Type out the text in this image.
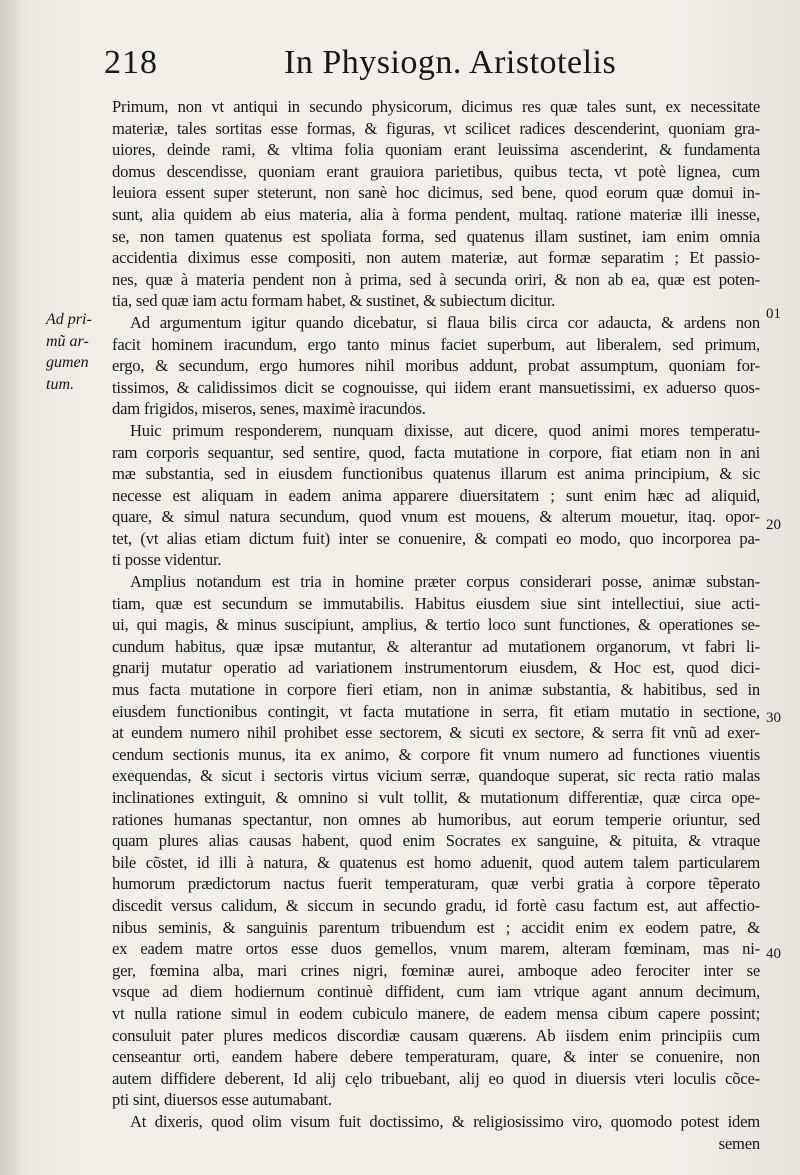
218	In Physiogn. Aristotelis
Ad pri-
mũ ar-
gumen
tum.
01
20
30
40
Primum, non vt antiqui in secundo physicorum, dicimus res quæ tales sunt, ex necessitate
materiæ, tales sortitas esse formas, & figuras, vt scilicet radices descenderint, quoniam gra-
uiores, deinde rami, & vltima folia quoniam erant leuissima ascenderint, & fundamenta
domus descendisse, quoniam erant grauiora parietibus, quibus tecta, vt potè lignea, cum
leuiora essent super steterunt, non sanè hoc dicimus, sed bene, quod eorum quæ domui in-
sunt, alia quidem ab eius materia, alia à forma pendent, multaq. ratione materiæ illi inesse,
se, non tamen quatenus est spoliata forma, sed quatenus illam sustinet, iam enim omnia
accidentia diximus esse compositi, non autem materiæ, aut formæ separatim ; Et passio-
nes, quæ à materia pendent non à prima, sed à secunda oriri, & non ab ea, quæ est poten-
tia, sed quæ iam actu formam habet, & sustinet, & subiectum dicitur.
Ad argumentum igitur quando dicebatur, si flaua bilis circa cor adaucta, & ardens non
facit hominem iracundum, ergo tanto minus faciet superbum, aut liberalem, sed primum,
ergo, & secundum, ergo humores nihil moribus addunt, probat assumptum, quoniam for-
tissimos, & calidissimos dicit se cognouisse, qui iidem erant mansuetissimi, ex aduerso quos-
dam frigidos, miseros, senes, maximè iracundos.
Huic primum responderem, nunquam dixisse, aut dicere, quod animi mores temperatu-
ram corporis sequantur, sed sentire, quod, facta mutatione in corpore, fiat etiam non in ani
mæ substantia, sed in eiusdem functionibus quatenus illarum est anima principium, & sic
necesse est aliquam in eadem anima apparere diuersitatem ; sunt enim hæc ad aliquid,
quare, & simul natura secundum, quod vnum est mouens, & alterum mouetur, itaq. opor-
tet, (vt alias etiam dictum fuit) inter se conuenire, & compati eo modo, quo incorporea pa-
ti posse videntur.
Amplius notandum est tria in homine præter corpus considerari posse, animæ substan-
tiam, quæ est secundum se immutabilis. Habitus eiusdem siue sint intellectiui, siue acti-
ui, qui magis, & minus suscipiunt, amplius, & tertio loco sunt functiones, & operationes se-
cundum habitus, quæ ipsæ mutantur, & alterantur ad mutationem organorum, vt fabri li-
gnarij mutatur operatio ad variationem instrumentorum eiusdem, & Hoc est, quod dici-
mus facta mutatione in corpore fieri etiam, non in animæ substantia, & habitibus, sed in
eiusdem functionibus contingit, vt facta mutatione in serra, fit etiam mutatio in sectione,
at eundem numero nihil prohibet esse sectorem, & sicuti ex sectore, & serra fit vnũ ad exer-
cendum sectionis munus, ita ex animo, & corpore fit vnum numero ad functiones viuentis
exequendas, & sicut i sectoris virtus vicium serræ, quandoque superat, sic recta ratio malas
inclinationes extinguit, & omnino si vult tollit, & mutationum differentiæ, quæ circa ope-
rationes humanas spectantur, non omnes ab humoribus, aut eorum temperie oriuntur, sed
quam plures alias causas habent, quod enim Socrates ex sanguine, & pituita, & vtraque
bile cõstet, id illi à natura, & quatenus est homo aduenit, quod autem talem particularem
humorum prædictorum nactus fuerit temperaturam, quæ verbi gratia à corpore tẽperato
discedit versus calidum, & siccum in secundo gradu, id fortè casu factum est, aut affectio-
nibus seminis, & sanguinis parentum tribuendum est ; accidit enim ex eodem patre, &
ex eadem matre ortos esse duos gemellos, vnum marem, alteram fœminam, mas ni-
ger, fœmina alba, mari crines nigri, fœminæ aurei, amboque adeo ferociter inter se
vsque ad diem hodiernum continuè diffident, cum iam vtrique agant annum decimum,
vt nulla ratione simul in eodem cubiculo manere, de eadem mensa cibum capere possint;
consuluit pater plures medicos discordiæ causam quærens. Ab iisdem enim principiis cum
censeantur orti, eandem habere debere temperaturam, quare, & inter se conuenire, non
autem diffidere deberent, Id alij cęlo tribuebant, alij eo quod in diuersis vteri loculis cõce-
pti sint, diuersos esse autumabant.
At dixeris, quod olim visum fuit doctissimo, & religiosissimo viro, quomodo potest idem
semen
